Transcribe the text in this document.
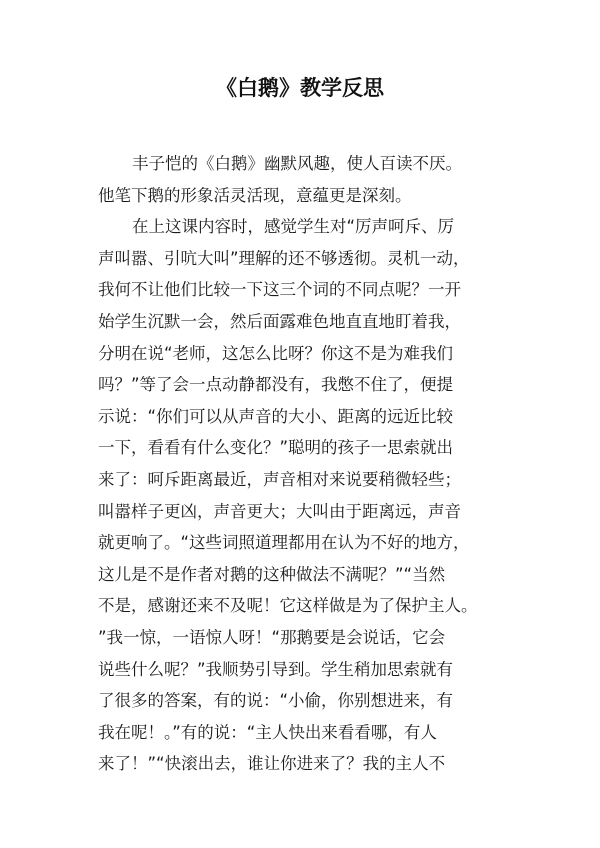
《白鹅》教学反思
丰子恺的《白鹅》幽默风趣，使人百读不厌。
他笔下鹅的形象活灵活现，意蕴更是深刻。
在上这课内容时，感觉学生对“厉声呵斥、厉
声叫嚣、引吭大叫”理解的还不够透彻。灵机一动，
我何不让他们比较一下这三个词的不同点呢？一开
始学生沉默一会，然后面露难色地直直地盯着我，
分明在说“老师，这怎么比呀？你这不是为难我们
吗？”等了会一点动静都没有，我憋不住了，便提
示说：“你们可以从声音的大小、距离的远近比较
一下，看看有什么变化？”聪明的孩子一思索就出
来了：呵斥距离最近，声音相对来说要稍微轻些；
叫嚣样子更凶，声音更大；大叫由于距离远，声音
就更响了。“这些词照道理都用在认为不好的地方，
这儿是不是作者对鹅的这种做法不满呢？”“当然
不是，感谢还来不及呢！它这样做是为了保护主人。
”我一惊，一语惊人呀！“那鹅要是会说话，它会
说些什么呢？”我顺势引导到。学生稍加思索就有
了很多的答案，有的说：“小偷，你别想进来，有
我在呢！。”有的说：“主人快出来看看哪，有人
来了！”“快滚出去，谁让你进来了？我的主人不
